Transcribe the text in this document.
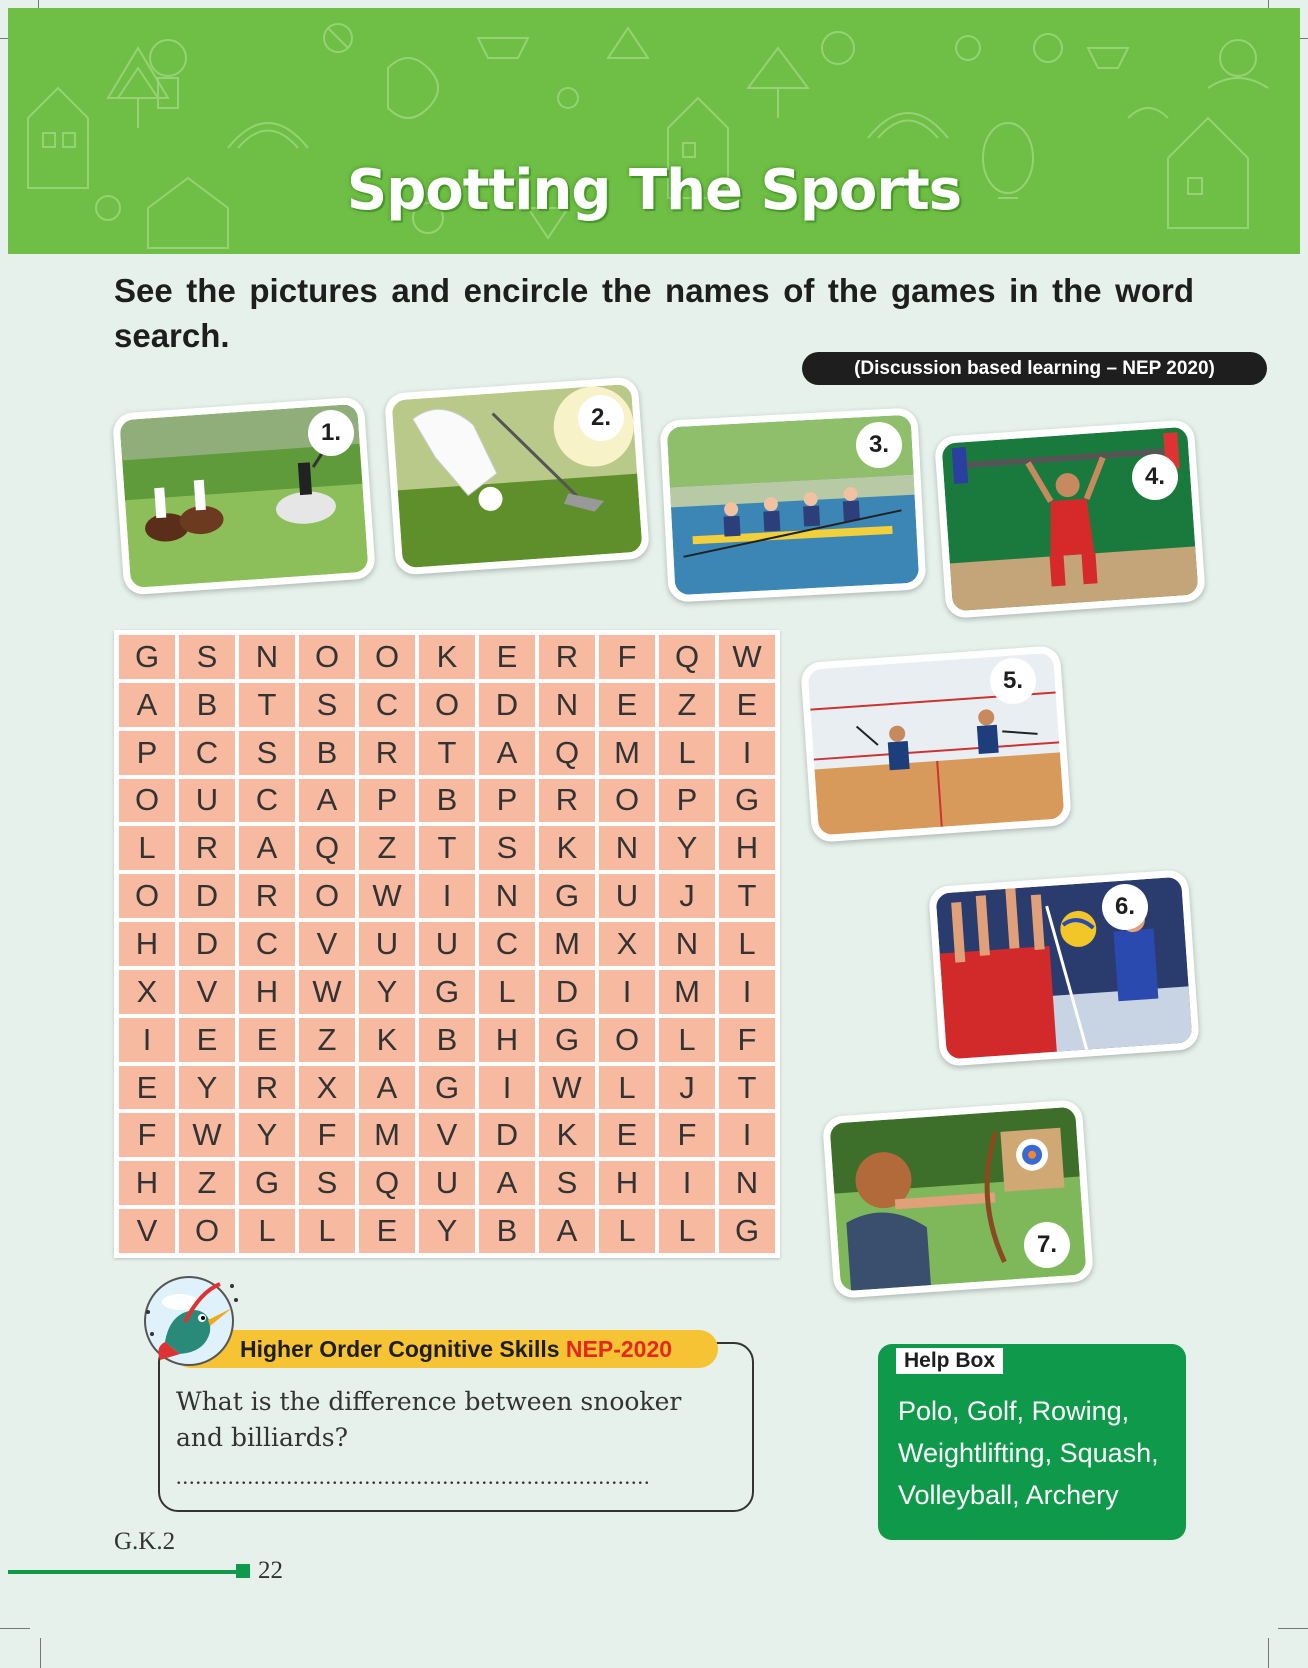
Spotting The Sports
See the pictures and encircle the names of the games in the word search.
(Discussion based learning – NEP 2020)
1.
2.
3.
4.
G	S	N	O	O	K	E	R	F	Q	W
A	B	T	S	C	O	D	N	E	Z	E
P	C	S	B	R	T	A	Q	M	L	I
O	U	C	A	P	B	P	R	O	P	G
L	R	A	Q	Z	T	S	K	N	Y	H
O	D	R	O	W	I	N	G	U	J	T
H	D	C	V	U	U	C	M	X	N	L
X	V	H	W	Y	G	L	D	I	M	I
I	E	E	Z	K	B	H	G	O	L	F
E	Y	R	X	A	G	I	W	L	J	T
F	W	Y	F	M	V	D	K	E	F	I
H	Z	G	S	Q	U	A	S	H	I	N
V	O	L	L	E	Y	B	A	L	L	G
5.
6.
7.
Higher Order Cognitive Skills NEP-2020
What is the difference between snooker and billiards?
.........................................................................
Help Box
Polo, Golf, Rowing, Weightlifting, Squash, Volleyball, Archery
G.K.2
22
